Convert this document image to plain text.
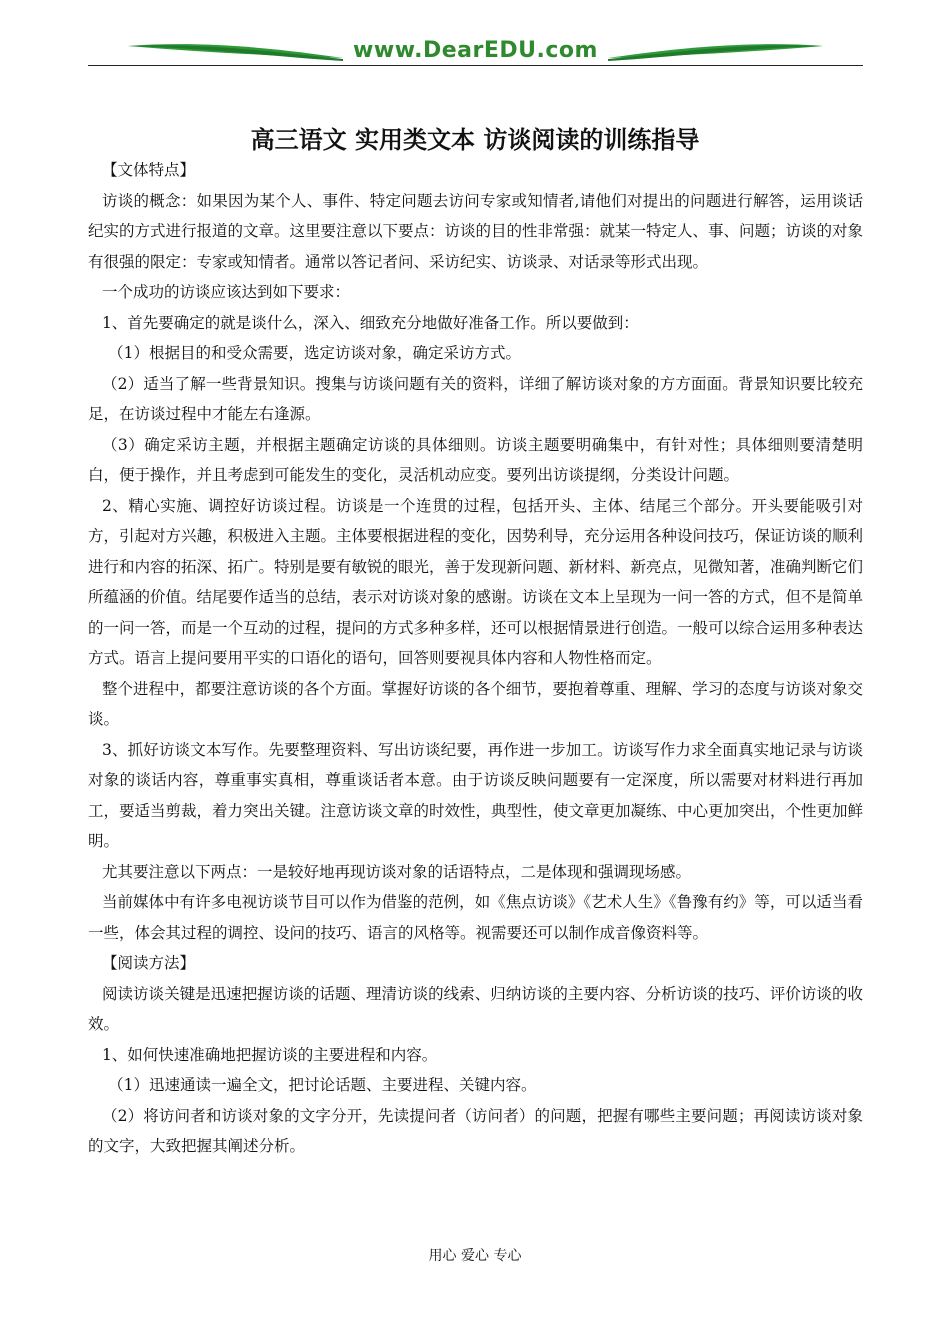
www.DearEDU.com
高三语文 实用类文本 访谈阅读的训练指导

【文体特点】

访谈的概念：如果因为某个人、事件、特定问题去访问专家或知情者,请他们对提出的问题进行解答，运用谈话纪实的方式进行报道的文章。这里要注意以下要点：访谈的目的性非常强：就某一特定人、事、问题；访谈的对象有很强的限定：专家或知情者。通常以答记者问、采访纪实、访谈录、对话录等形式出现。

一个成功的访谈应该达到如下要求：

1、首先要确定的就是谈什么，深入、细致充分地做好准备工作。所以要做到：

（1）根据目的和受众需要，选定访谈对象，确定采访方式。

（2）适当了解一些背景知识。搜集与访谈问题有关的资料，详细了解访谈对象的方方面面。背景知识要比较充足，在访谈过程中才能左右逢源。

（3）确定采访主题，并根据主题确定访谈的具体细则。访谈主题要明确集中，有针对性；具体细则要清楚明白，便于操作，并且考虑到可能发生的变化，灵活机动应变。要列出访谈提纲，分类设计问题。

2、精心实施、调控好访谈过程。访谈是一个连贯的过程，包括开头、主体、结尾三个部分。开头要能吸引对方，引起对方兴趣，积极进入主题。主体要根据进程的变化，因势利导，充分运用各种设问技巧，保证访谈的顺利进行和内容的拓深、拓广。特别是要有敏锐的眼光，善于发现新问题、新材料、新亮点，见微知著，准确判断它们所蕴涵的价值。结尾要作适当的总结，表示对访谈对象的感谢。访谈在文本上呈现为一问一答的方式，但不是简单的一问一答，而是一个互动的过程，提问的方式多种多样，还可以根据情景进行创造。一般可以综合运用多种表达方式。语言上提问要用平实的口语化的语句，回答则要视具体内容和人物性格而定。

整个进程中，都要注意访谈的各个方面。掌握好访谈的各个细节，要抱着尊重、理解、学习的态度与访谈对象交谈。

3、抓好访谈文本写作。先要整理资料、写出访谈纪要，再作进一步加工。访谈写作力求全面真实地记录与访谈对象的谈话内容，尊重事实真相，尊重谈话者本意。由于访谈反映问题要有一定深度，所以需要对材料进行再加工，要适当剪裁，着力突出关键。注意访谈文章的时效性，典型性，使文章更加凝练、中心更加突出，个性更加鲜明。

尤其要注意以下两点：一是较好地再现访谈对象的话语特点，二是体现和强调现场感。

当前媒体中有许多电视访谈节目可以作为借鉴的范例，如《焦点访谈》《艺术人生》《鲁豫有约》等，可以适当看一些，体会其过程的调控、设问的技巧、语言的风格等。视需要还可以制作成音像资料等。

【阅读方法】

阅读访谈关键是迅速把握访谈的话题、理清访谈的线索、归纳访谈的主要内容、分析访谈的技巧、评价访谈的收效。

1、如何快速准确地把握访谈的主要进程和内容。

（1）迅速通读一遍全文，把讨论话题、主要进程、关键内容。

（2）将访问者和访谈对象的文字分开，先读提问者（访问者）的问题，把握有哪些主要问题；再阅读访谈对象的文字，大致把握其阐述分析。

用心 爱心 专心
